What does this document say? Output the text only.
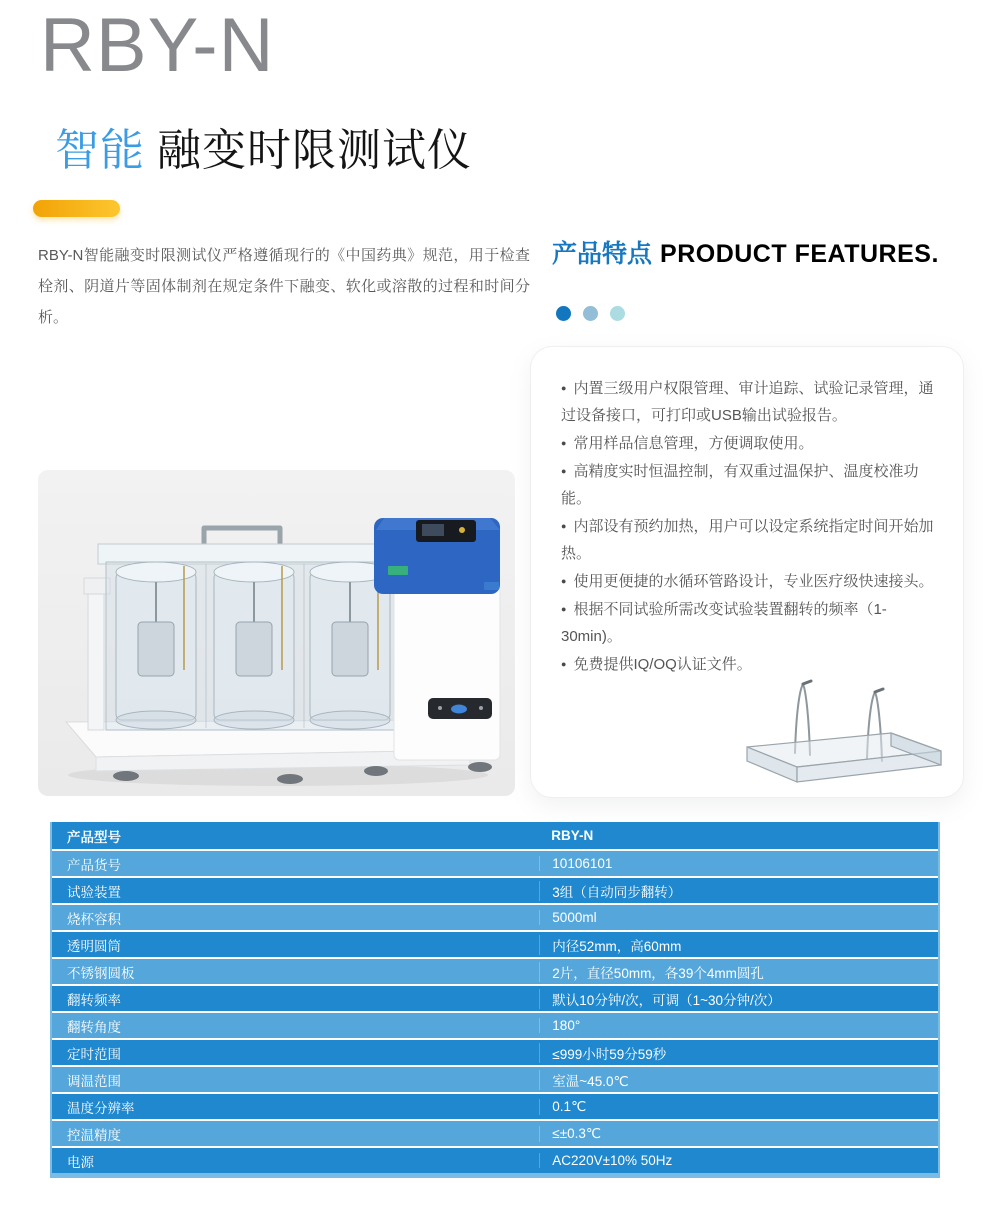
RBY-N
智能 融变时限测试仪

RBY-N智能融变时限测试仪严格遵循现行的《中国药典》规范，用于检查栓剂、阴道片等固体制剂在规定条件下融变、软化或溶散的过程和时间分析。

产品特点 PRODUCT FEATURES.
● 内置三级用户权限管理、审计追踪、试验记录管理，通过设备接口，可打印或USB输出试验报告。
● 常用样品信息管理，方便调取使用。
● 高精度实时恒温控制，有双重过温保护、温度校准功能。
● 内部设有预约加热，用户可以设定系统指定时间开始加热。
● 使用更便捷的水循环管路设计，专业医疗级快速接头。
● 根据不同试验所需改变试验装置翻转的频率（1-30min)。
● 免费提供IQ/OQ认证文件。
产品型号	RBY-N
产品货号	10106101
试验装置	3组（自动同步翻转）
烧杯容积	5000ml
透明圆筒	内径52mm，高60mm
不锈钢圆板	2片，直径50mm，各39个4mm圆孔
翻转频率	默认10分钟/次，可调（1~30分钟/次）
翻转角度	180°
定时范围	≤999小时59分59秒
调温范围	室温~45.0℃
温度分辨率	0.1℃
控温精度	≤±0.3℃
电源	AC220V±10% 50Hz
